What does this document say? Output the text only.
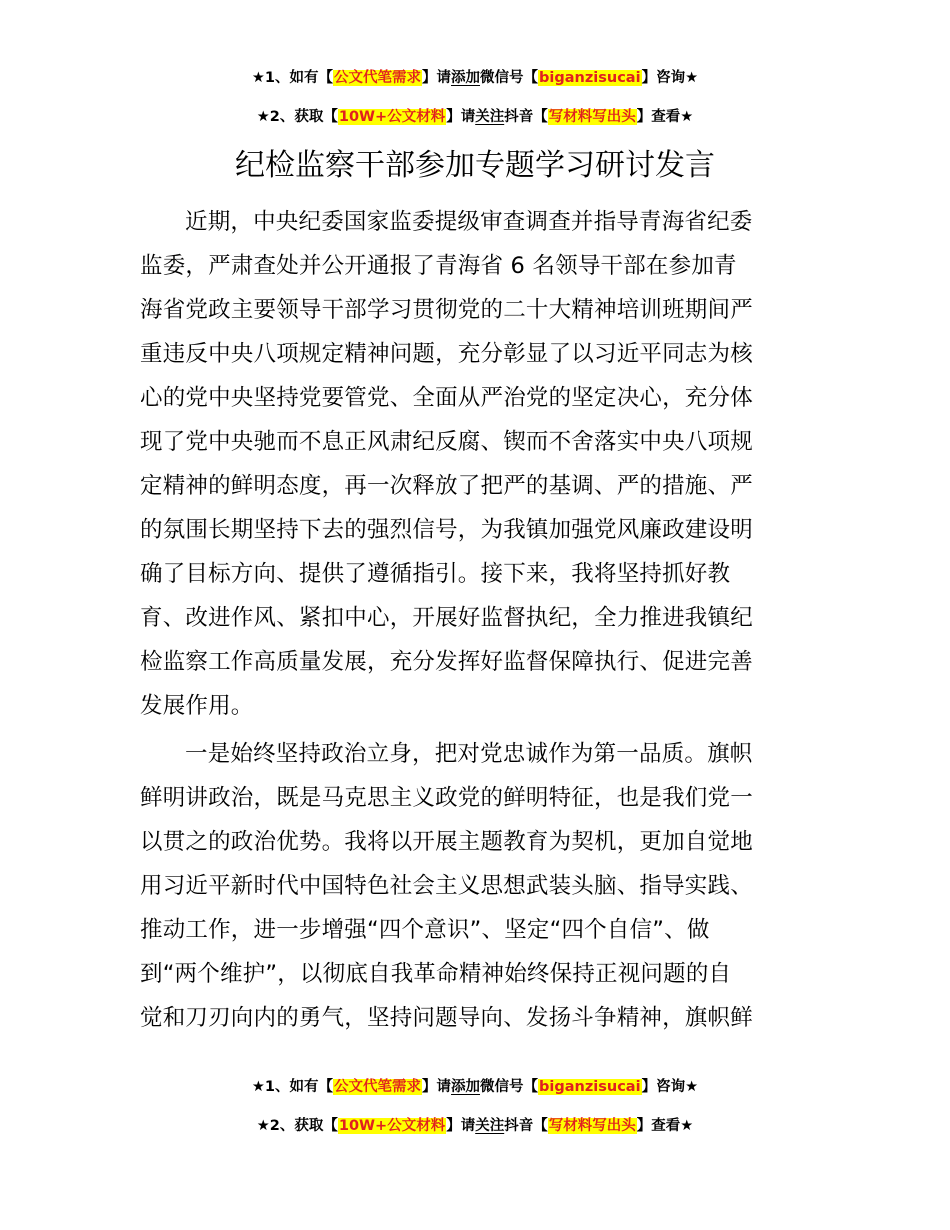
★1、如有【公文代笔需求】请添加微信号【biganzisucai】咨询★
★2、获取【10W+公文材料】请关注抖音【写材料写出头】查看★
纪检监察干部参加专题学习研讨发言

近期，中央纪委国家监委提级审查调查并指导青海省纪委
监委，严肃查处并公开通报了青海省 6 名领导干部在参加青
海省党政主要领导干部学习贯彻党的二十大精神培训班期间严
重违反中央八项规定精神问题，充分彰显了以习近平同志为核
心的党中央坚持党要管党、全面从严治党的坚定决心，充分体
现了党中央驰而不息正风肃纪反腐、锲而不舍落实中央八项规
定精神的鲜明态度，再一次释放了把严的基调、严的措施、严
的氛围长期坚持下去的强烈信号，为我镇加强党风廉政建设明
确了目标方向、提供了遵循指引。接下来，我将坚持抓好教
育、改进作风、紧扣中心，开展好监督执纪，全力推进我镇纪
检监察工作高质量发展，充分发挥好监督保障执行、促进完善
发展作用。

一是始终坚持政治立身，把对党忠诚作为第一品质。旗帜
鲜明讲政治，既是马克思主义政党的鲜明特征，也是我们党一
以贯之的政治优势。我将以开展主题教育为契机，更加自觉地
用习近平新时代中国特色社会主义思想武装头脑、指导实践、
推动工作，进一步增强“四个意识”、坚定“四个自信”、做
到“两个维护”，以彻底自我革命精神始终保持正视问题的自
觉和刀刃向内的勇气，坚持问题导向、发扬斗争精神，旗帜鲜

★1、如有【公文代笔需求】请添加微信号【biganzisucai】咨询★
★2、获取【10W+公文材料】请关注抖音【写材料写出头】查看★
